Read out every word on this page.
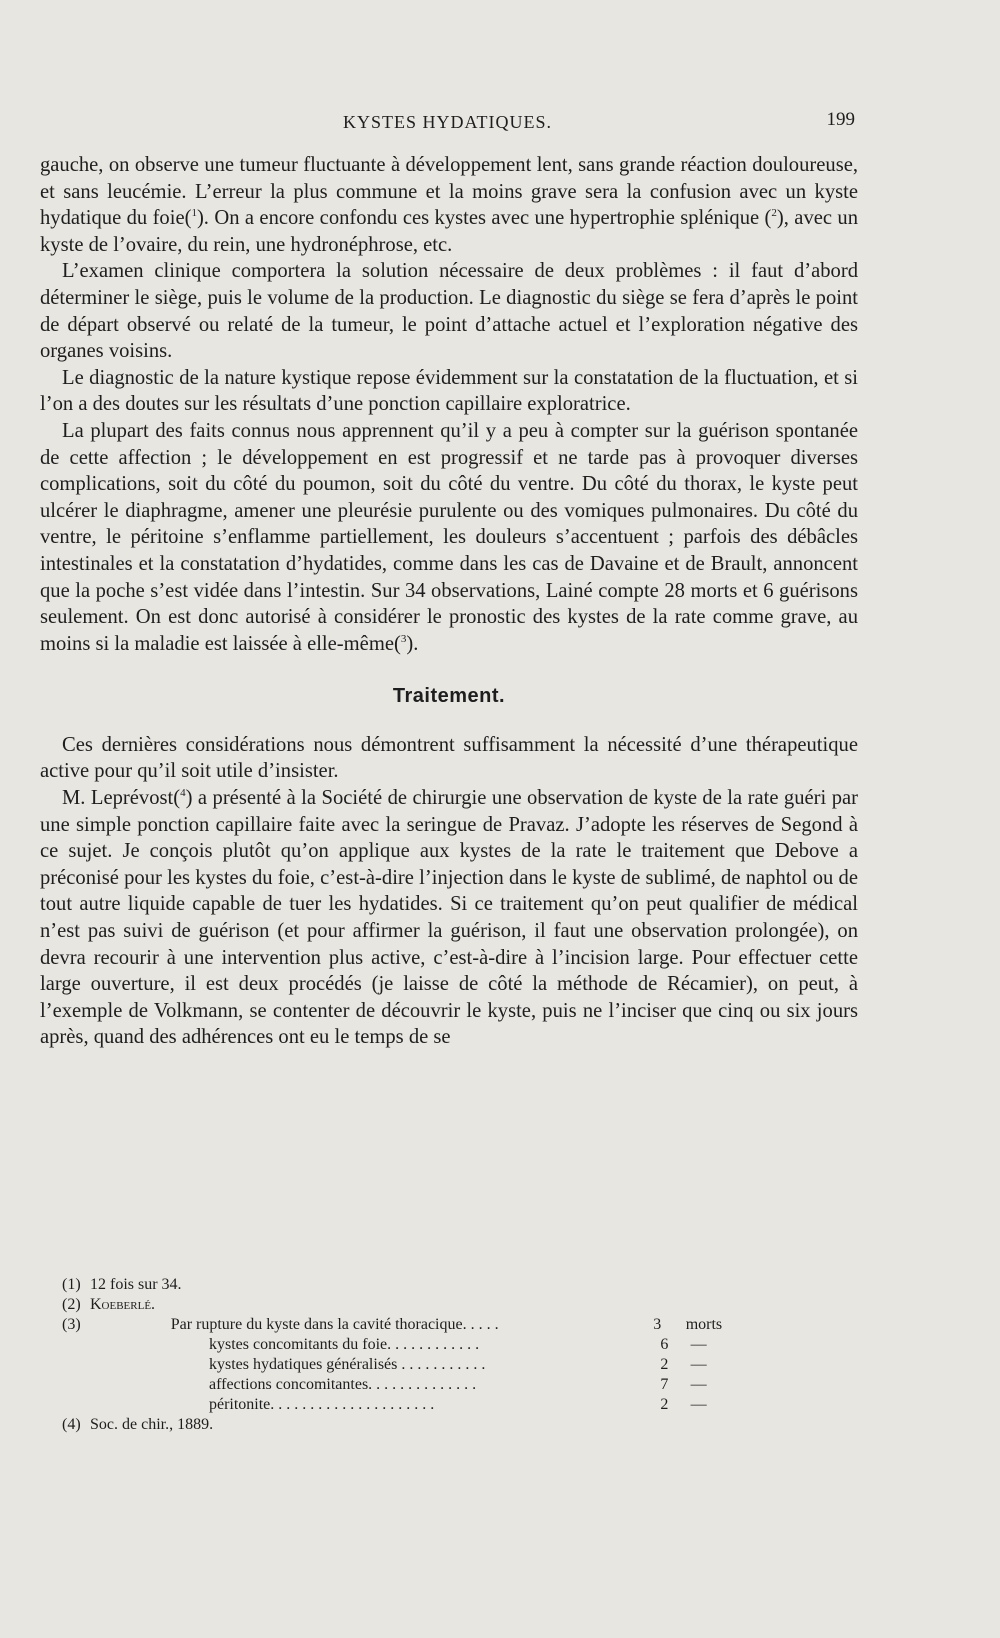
KYSTES HYDATIQUES.	199

gauche, on observe une tumeur fluctuante à développement lent, sans grande réaction douloureuse, et sans leucémie. L’erreur la plus commune et la moins grave sera la confusion avec un kyste hydatique du foie($^1$). On a encore confondu ces kystes avec une hypertrophie splénique ($^2$), avec un kyste de l’ovaire, du rein, une hydronéphrose, etc.

L’examen clinique comportera la solution nécessaire de deux problèmes : il faut d’abord déterminer le siège, puis le volume de la production. Le diagnostic du siège se fera d’après le point de départ observé ou relaté de la tumeur, le point d’attache actuel et l’exploration négative des organes voisins.

Le diagnostic de la nature kystique repose évidemment sur la constatation de la fluctuation, et si l’on a des doutes sur les résultats d’une ponction capillaire exploratrice.

La plupart des faits connus nous apprennent qu’il y a peu à compter sur la guérison spontanée de cette affection ; le développement en est progressif et ne tarde pas à provoquer diverses complications, soit du côté du poumon, soit du côté du ventre. Du côté du thorax, le kyste peut ulcérer le diaphragme, amener une pleurésie purulente ou des vomiques pulmonaires. Du côté du ventre, le péritoine s’enflamme partiellement, les douleurs s’accentuent ; parfois des débâcles intestinales et la constatation d’hydatides, comme dans les cas de Davaine et de Brault, annoncent que la poche s’est vidée dans l’intestin. Sur 34 observations, Lainé compte 28 morts et 6 guérisons seulement. On est donc autorisé à considérer le pronostic des kystes de la rate comme grave, au moins si la maladie est laissée à elle-même($^3$).

Traitement.

Ces dernières considérations nous démontrent suffisamment la nécessité d’une thérapeutique active pour qu’il soit utile d’insister.

M. Leprévost($^4$) a présenté à la Société de chirurgie une observation de kyste de la rate guéri par une simple ponction capillaire faite avec la seringue de Pravaz. J’adopte les réserves de Segond à ce sujet. Je conçois plutôt qu’on applique aux kystes de la rate le traitement que Debove a préconisé pour les kystes du foie, c’est-à-dire l’injection dans le kyste de sublimé, de naphtol ou de tout autre liquide capable de tuer les hydatides. Si ce traitement qu’on peut qualifier de médical n’est pas suivi de guérison (et pour affirmer la guérison, il faut une observation prolongée), on devra recourir à une intervention plus active, c’est-à-dire à l’incision large. Pour effectuer cette large ouverture, il est deux procédés (je laisse de côté la méthode de Récamier), on peut, à l’exemple de Volkmann, se contenter de découvrir le kyste, puis ne l’inciser que cinq ou six jours après, quand des adhérences ont eu le temps de se

(1) 12 fois sur 34.
(2) Koeberlé.
(3)	Par rupture du kyste dans la cavité thoracique. . . . .	3	morts
kystes concomitants du foie. . . . . . . . . . . .	6	—
kystes hydatiques généralisés . . . . . . . . . . .	2	—
affections concomitantes. . . . . . . . . . . . . .	7	—
péritonite. . . . . . . . . . . . . . . . . . . . .	2	—
(4) Soc. de chir., 1889.
